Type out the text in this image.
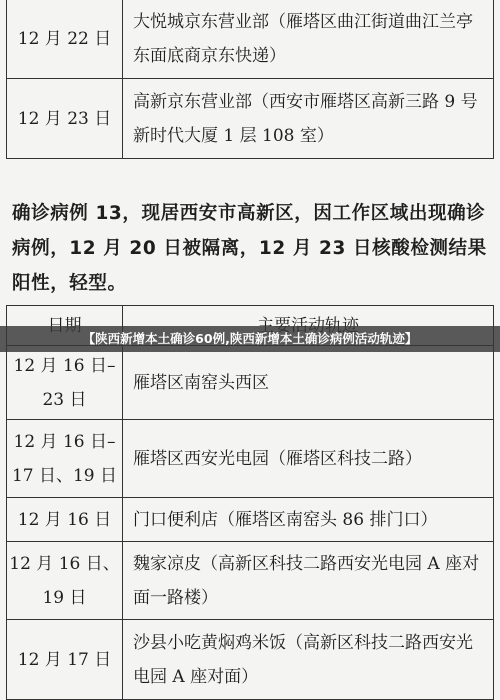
12 月 22 日	大悦城京东营业部（雁塔区曲江街道曲江兰亭东面底商京东快递）
12 月 23 日	高新京东营业部（西安市雁塔区高新三路 9 号新时代大厦 1 层 108 室）
确诊病例 13，现居西安市高新区，因工作区域出现确诊病例，12 月 20 日被隔离，12 月 23 日核酸检测结果阳性，轻型。

12 月 16 日–23 日	雁塔区南窑头西区
12 月 16 日–17 日、19 日	雁塔区西安光电园（雁塔区科技二路）
12 月 16 日	门口便利店（雁塔区南窑头 86 排门口）
12 月 16 日、19 日	魏家凉皮（高新区科技二路西安光电园 A 座对面一路楼）
12 月 17 日	沙县小吃黄焖鸡米饭（高新区科技二路西安光电园 A 座对面）
【陕西新增本土确诊60例,陕西新增本土确诊病例活动轨迹】
